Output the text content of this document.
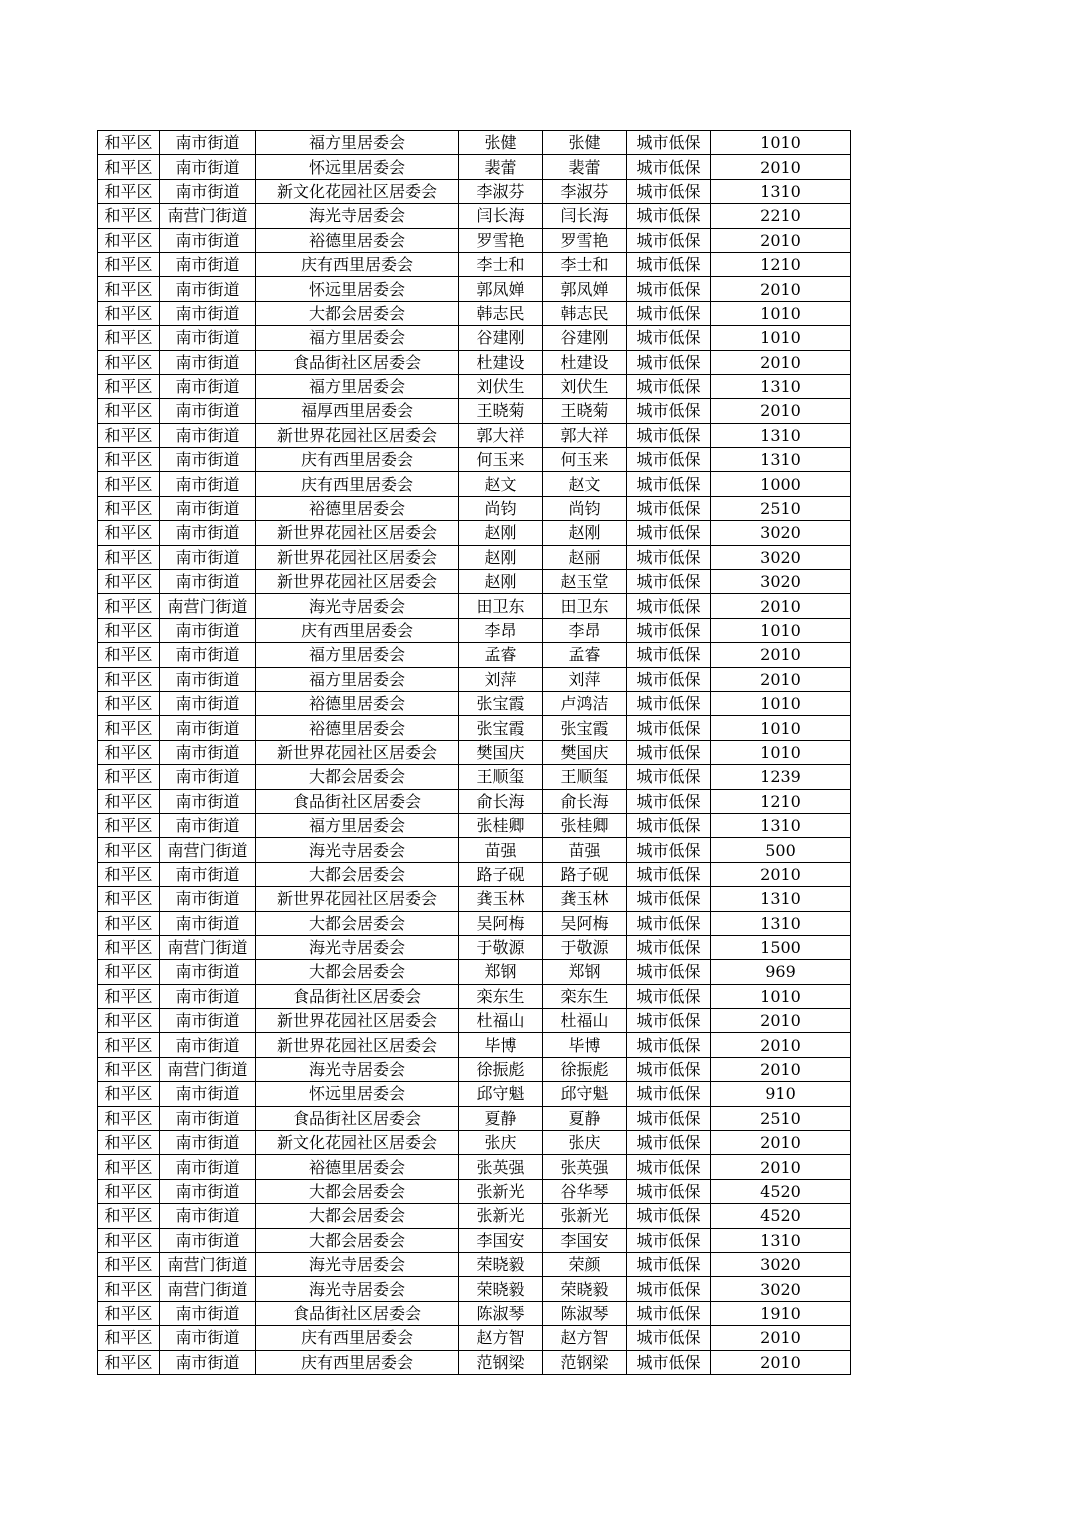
和平区	南市街道	福方里居委会	张健	张健	城市低保	1010
和平区	南市街道	怀远里居委会	裴蕾	裴蕾	城市低保	2010
和平区	南市街道	新文化花园社区居委会	李淑芬	李淑芬	城市低保	1310
和平区	南营门街道	海光寺居委会	闫长海	闫长海	城市低保	2210
和平区	南市街道	裕德里居委会	罗雪艳	罗雪艳	城市低保	2010
和平区	南市街道	庆有西里居委会	李士和	李士和	城市低保	1210
和平区	南市街道	怀远里居委会	郭凤婵	郭凤婵	城市低保	2010
和平区	南市街道	大都会居委会	韩志民	韩志民	城市低保	1010
和平区	南市街道	福方里居委会	谷建刚	谷建刚	城市低保	1010
和平区	南市街道	食品街社区居委会	杜建设	杜建设	城市低保	2010
和平区	南市街道	福方里居委会	刘伏生	刘伏生	城市低保	1310
和平区	南市街道	福厚西里居委会	王晓菊	王晓菊	城市低保	2010
和平区	南市街道	新世界花园社区居委会	郭大祥	郭大祥	城市低保	1310
和平区	南市街道	庆有西里居委会	何玉来	何玉来	城市低保	1310
和平区	南市街道	庆有西里居委会	赵文	赵文	城市低保	1000
和平区	南市街道	裕德里居委会	尚钧	尚钧	城市低保	2510
和平区	南市街道	新世界花园社区居委会	赵刚	赵刚	城市低保	3020
和平区	南市街道	新世界花园社区居委会	赵刚	赵丽	城市低保	3020
和平区	南市街道	新世界花园社区居委会	赵刚	赵玉堂	城市低保	3020
和平区	南营门街道	海光寺居委会	田卫东	田卫东	城市低保	2010
和平区	南市街道	庆有西里居委会	李昂	李昂	城市低保	1010
和平区	南市街道	福方里居委会	孟睿	孟睿	城市低保	2010
和平区	南市街道	福方里居委会	刘萍	刘萍	城市低保	2010
和平区	南市街道	裕德里居委会	张宝霞	卢鸿洁	城市低保	1010
和平区	南市街道	裕德里居委会	张宝霞	张宝霞	城市低保	1010
和平区	南市街道	新世界花园社区居委会	樊国庆	樊国庆	城市低保	1010
和平区	南市街道	大都会居委会	王顺玺	王顺玺	城市低保	1239
和平区	南市街道	食品街社区居委会	俞长海	俞长海	城市低保	1210
和平区	南市街道	福方里居委会	张桂卿	张桂卿	城市低保	1310
和平区	南营门街道	海光寺居委会	苗强	苗强	城市低保	500
和平区	南市街道	大都会居委会	路子砚	路子砚	城市低保	2010
和平区	南市街道	新世界花园社区居委会	龚玉林	龚玉林	城市低保	1310
和平区	南市街道	大都会居委会	吴阿梅	吴阿梅	城市低保	1310
和平区	南营门街道	海光寺居委会	于敬源	于敬源	城市低保	1500
和平区	南市街道	大都会居委会	郑钢	郑钢	城市低保	969
和平区	南市街道	食品街社区居委会	栾东生	栾东生	城市低保	1010
和平区	南市街道	新世界花园社区居委会	杜福山	杜福山	城市低保	2010
和平区	南市街道	新世界花园社区居委会	毕博	毕博	城市低保	2010
和平区	南营门街道	海光寺居委会	徐振彪	徐振彪	城市低保	2010
和平区	南市街道	怀远里居委会	邱守魁	邱守魁	城市低保	910
和平区	南市街道	食品街社区居委会	夏静	夏静	城市低保	2510
和平区	南市街道	新文化花园社区居委会	张庆	张庆	城市低保	2010
和平区	南市街道	裕德里居委会	张英强	张英强	城市低保	2010
和平区	南市街道	大都会居委会	张新光	谷华琴	城市低保	4520
和平区	南市街道	大都会居委会	张新光	张新光	城市低保	4520
和平区	南市街道	大都会居委会	李国安	李国安	城市低保	1310
和平区	南营门街道	海光寺居委会	荣晓毅	荣颜	城市低保	3020
和平区	南营门街道	海光寺居委会	荣晓毅	荣晓毅	城市低保	3020
和平区	南市街道	食品街社区居委会	陈淑琴	陈淑琴	城市低保	1910
和平区	南市街道	庆有西里居委会	赵方智	赵方智	城市低保	2010
和平区	南市街道	庆有西里居委会	范钢梁	范钢梁	城市低保	2010
